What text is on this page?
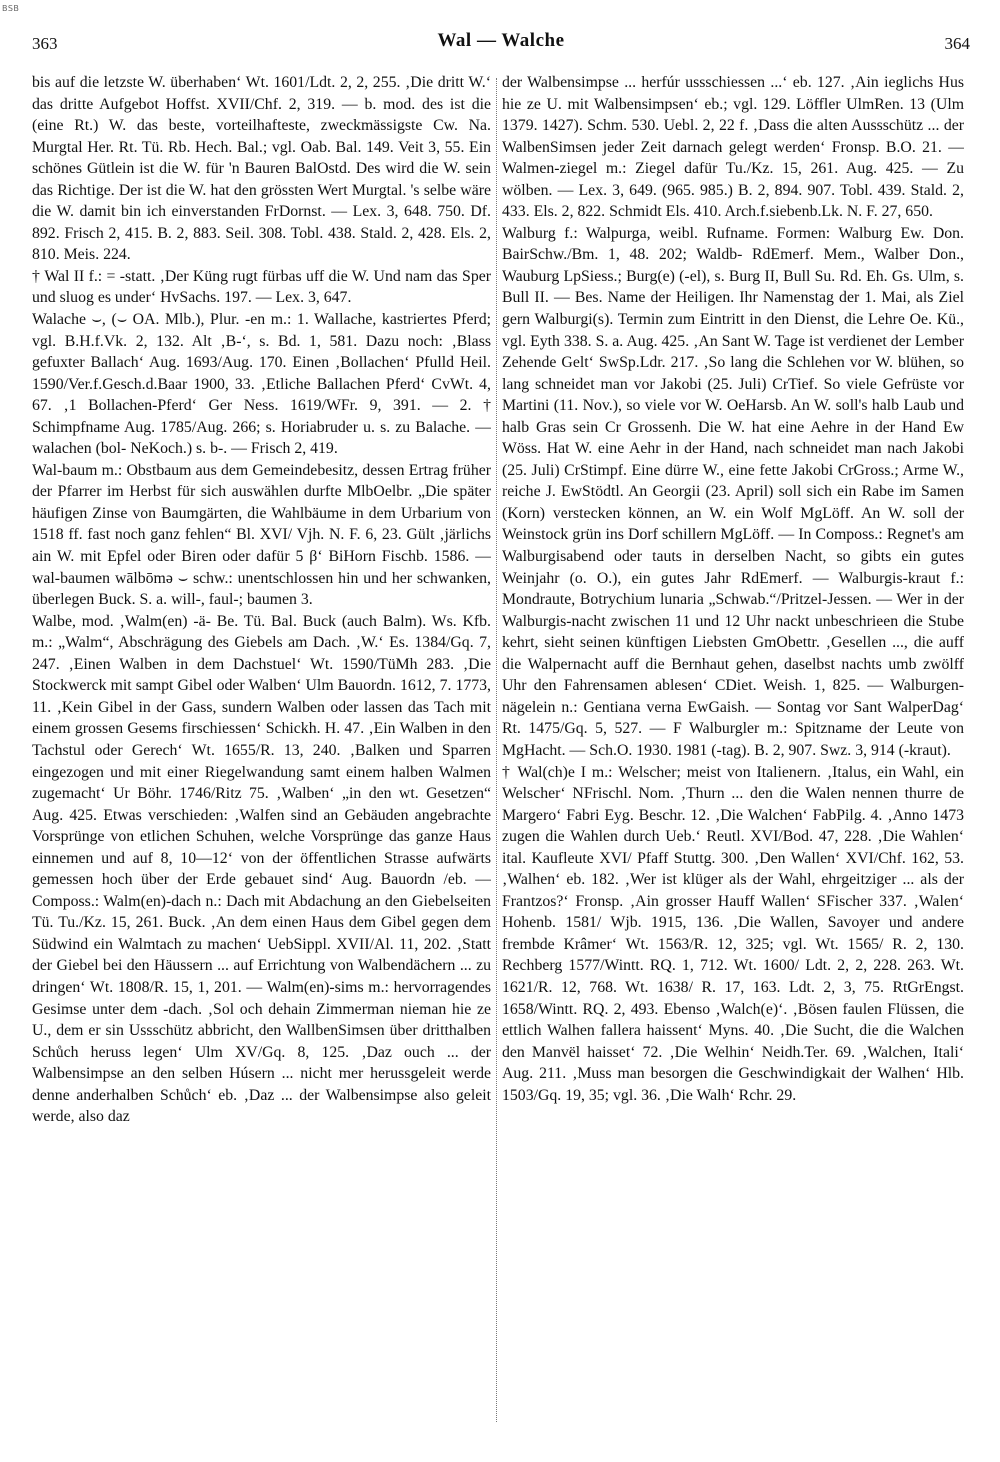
BSB
363	Wal — Walche	364

bis auf die letzste W. überhaben‘ Wt. 1601/Ldt. 2, 2, 255. ‚Die dritt W.‘ das dritte Aufgebot Hoffst. XVII/Chf. 2, 319. — b. mod. des ist die (eine Rt.) W. das beste, vorteilhafteste, zweckmässigste Cw. Na. Murgtal Her. Rt. Tü. Rb. Hech. Bal.; vgl. Oab. Bal. 149. Veit 3, 55. Ein schönes Gütlein ist die W. für 'n Bauren BalOstd. Des wird die W. sein das Richtige. Der ist die W. hat den grössten Wert Murgtal. 's selbe wäre die W. damit bin ich einverstanden FrDornst. — Lex. 3, 648. 750. Df. 892. Frisch 2, 415. B. 2, 883. Seil. 308. Tobl. 438. Stald. 2, 428. Els. 2, 810. Meis. 224.

† Wal II f.: = -statt. ‚Der Küng rugt fürbas uff die W. Und nam das Sper und sluog es under‘ HvSachs. 197. — Lex. 3, 647.

Walache ⌣, (⌣ OA. Mlb.), Plur. -en m.: 1. Wallache, kastriertes Pferd; vgl. B.H.f.Vk. 2, 132. Alt ‚B-‘, s. Bd. 1, 581. Dazu noch: ‚Blass gefuxter Ballach‘ Aug. 1693/Aug. 170. Einen ‚Bollachen‘ Pfulld Heil. 1590/Ver.f.Gesch.d.Baar 1900, 33. ‚Etliche Ballachen Pferd‘ CvWt. 4, 67. ‚1 Bollachen-Pferd‘ Ger Ness. 1619/WFr. 9, 391. — 2. † Schimpfname Aug. 1785/Aug. 266; s. Horiabruder u. s. zu Balache. — walachen (bol- NeKoch.) s. b-. — Frisch 2, 419.

Wal-baum m.: Obstbaum aus dem Gemeindebesitz, dessen Ertrag früher der Pfarrer im Herbst für sich auswählen durfte MlbOelbr. „Die später häufigen Zinse von Baumgärten, die Wahlbäume in dem Urbarium von 1518 ff. fast noch ganz fehlen“ Bl. XVI/ Vjh. N. F. 6, 23. Gült ‚järlichs ain W. mit Epfel oder Biren oder dafür 5 β‘ BiHorn Fischb. 1586. — wal-baumen wālbōmə ⌣ schw.: unentschlossen hin und her schwanken, überlegen Buck. S. a. will-, faul-; baumen 3.

Walbe, mod. ‚Walm(en) -ä- Be. Tü. Bal. Buck (auch Balm). Ws. Kfb. m.: „Walm“, Abschrägung des Giebels am Dach. ‚W.‘ Es. 1384/Gq. 7, 247. ‚Einen Walben in dem Dachstuel‘ Wt. 1590/TüMh 283. ‚Die Stockwerck mit sampt Gibel oder Walben‘ Ulm Bauordn. 1612, 7. 1773, 11. ‚Kein Gibel in der Gass, sundern Walben oder lassen das Tach mit einem grossen Gesems firschiessen‘ Schickh. H. 47. ‚Ein Walben in den Tachstul oder Gerech‘ Wt. 1655/R. 13, 240. ‚Balken und Sparren eingezogen und mit einer Riegelwandung samt einem halben Walmen zugemacht‘ Ur Böhr. 1746/Ritz 75. ‚Walben‘ „in den wt. Gesetzen“ Aug. 425. Etwas verschieden: ‚Walfen sind an Gebäuden angebrachte Vorsprünge von etlichen Schuhen, welche Vorsprünge das ganze Haus einnemen und auf 8, 10—12‘ von der öffentlichen Strasse aufwärts gemessen hoch über der Erde gebauet sind‘ Aug. Bauordn /eb. — Composs.: Walm(en)-dach n.: Dach mit Abdachung an den Giebelseiten Tü. Tu./Kz. 15, 261. Buck. ‚An dem einen Haus dem Gibel gegen dem Südwind ein Walmtach zu machen‘ UebSippl. XVII/Al. 11, 202. ‚Statt der Giebel bei den Häussern ... auf Errichtung von Walbendächern ... zu dringen‘ Wt. 1808/R. 15, 1, 201. — Walm(en)-sims m.: hervorragendes Gesimse unter dem -dach. ‚Sol och dehain Zimmerman nieman hie ze U., dem er sin Ussschütz abbricht, den WallbenSimsen über dritthalben Schůch heruss legen‘ Ulm XV/Gq. 8, 125. ‚Daz ouch ... der Walbensimpse an den selben Húsern ... nicht mer herussgeleit werde denne anderhalben Schůch‘ eb. ‚Daz ... der Walbensimpse also geleit werde, also daz

der Walbensimpse ... herfúr ussschiessen ...‘ eb. 127. ‚Ain ieglichs Hus hie ze U. mit Walbensimpsen‘ eb.; vgl. 129. Löffler UlmRen. 13 (Ulm 1379. 1427). Schm. 530. Uebl. 2, 22 f. ‚Dass die alten Aussschütz ... der WalbenSimsen jeder Zeit darnach gelegt werden‘ Fronsp. B.O. 21. — Walmen-ziegel m.: Ziegel dafür Tu./Kz. 15, 261. Aug. 425. — Zu wölben. — Lex. 3, 649. (965. 985.) B. 2, 894. 907. Tobl. 439. Stald. 2, 433. Els. 2, 822. Schmidt Els. 410. Arch.f.siebenb.Lk. N. F. 27, 650.

Walburg f.: Walpurga, weibl. Rufname. Formen: Walburg Ew. Don. BairSchw./Bm. 1, 48. 202; Waldb- RdEmerf. Mem., Walber Don., Wauburg LpSiess.; Burg(e) (-el), s. Burg II, Bull Su. Rd. Eh. Gs. Ulm, s. Bull II. — Bes. Name der Heiligen. Ihr Namenstag der 1. Mai, als Ziel gern Walburgi(s). Termin zum Eintritt in den Dienst, die Lehre Oe. Kü., vgl. Eyth 338. S. a. Aug. 425. ‚An Sant W. Tage ist verdienet der Lember Zehende Gelt‘ SwSp.Ldr. 217. ‚So lang die Schlehen vor W. blühen, so lang schneidet man vor Jakobi (25. Juli) CrTief. So viele Gefrüste vor Martini (11. Nov.), so viele vor W. OeHarsb. An W. soll's halb Laub und halb Gras sein Cr Grossenh. Die W. hat eine Aehre in der Hand Ew Wöss. Hat W. eine Aehr in der Hand, nach schneidet man nach Jakobi (25. Juli) CrStimpf. Eine dürre W., eine fette Jakobi CrGross.; Arme W., reiche J. EwStödtl. An Georgii (23. April) soll sich ein Rabe im Samen (Korn) verstecken können, an W. ein Wolf MgLöff. An W. soll der Weinstock grün ins Dorf schillern MgLöff. — In Composs.: Regnet's am Walburgisabend oder tauts in derselben Nacht, so gibts ein gutes Weinjahr (o. O.), ein gutes Jahr RdEmerf. — Walburgis-kraut f.: Mondraute, Botrychium lunaria „Schwab.“/Pritzel-Jessen. — Wer in der Walburgis-nacht zwischen 11 und 12 Uhr nackt unbeschrieen die Stube kehrt, sieht seinen künftigen Liebsten GmObettr. ‚Gesellen ..., die auff die Walpernacht auff die Bernhaut gehen, daselbst nachts umb zwölff Uhr den Fahrensamen ablesen‘ CDiet. Weish. 1, 825. — Walburgen-nägelein n.: Gentiana verna EwGaish. — Sontag vor Sant WalperDag‘ Rt. 1475/Gq. 5, 527. — F Walburgler m.: Spitzname der Leute von MgHacht. — Sch.O. 1930. 1981 (-tag). B. 2, 907. Swz. 3, 914 (-kraut).

† Wal(ch)e I m.: Welscher; meist von Italienern. ‚Italus, ein Wahl, ein Welscher‘ NFrischl. Nom. ‚Thurn ... den die Walen nennen thurre de Margero‘ Fabri Eyg. Beschr. 12. ‚Die Walchen‘ FabPilg. 4. ‚Anno 1473 zugen die Wahlen durch Ueb.‘ Reutl. XVI/Bod. 47, 228. ‚Die Wahlen‘ ital. Kaufleute XVI/ Pfaff Stuttg. 300. ‚Den Wallen‘ XVI/Chf. 162, 53. ‚Walhen‘ eb. 182. ‚Wer ist klüger als der Wahl, ehrgeitziger ... als der Frantzos?‘ Fronsp. ‚Ain grosser Hauff Wallen‘ SFischer 337. ‚Walen‘ Hohenb. 1581/ Wjb. 1915, 136. ‚Die Wallen, Savoyer und andere frembde Krâmer‘ Wt. 1563/R. 12, 325; vgl. Wt. 1565/ R. 2, 130. Rechberg 1577/Wintt. RQ. 1, 712. Wt. 1600/ Ldt. 2, 2, 228. 263. Wt. 1621/R. 12, 768. Wt. 1638/ R. 17, 163. Ldt. 2, 3, 75. RtGrEngst. 1658/Wintt. RQ. 2, 493. Ebenso ‚Walch(e)‘. ‚Bösen faulen Flüssen, die ettlich Walhen fallera haissent‘ Myns. 40. ‚Die Sucht, die die Walchen den Manvël haisset‘ 72. ‚Die Welhin‘ Neidh.Ter. 69. ‚Walchen, Itali‘ Aug. 211. ‚Muss man besorgen die Geschwindigkait der Walhen‘ Hlb. 1503/Gq. 19, 35; vgl. 36. ‚Die Walh‘ Rchr. 29.
